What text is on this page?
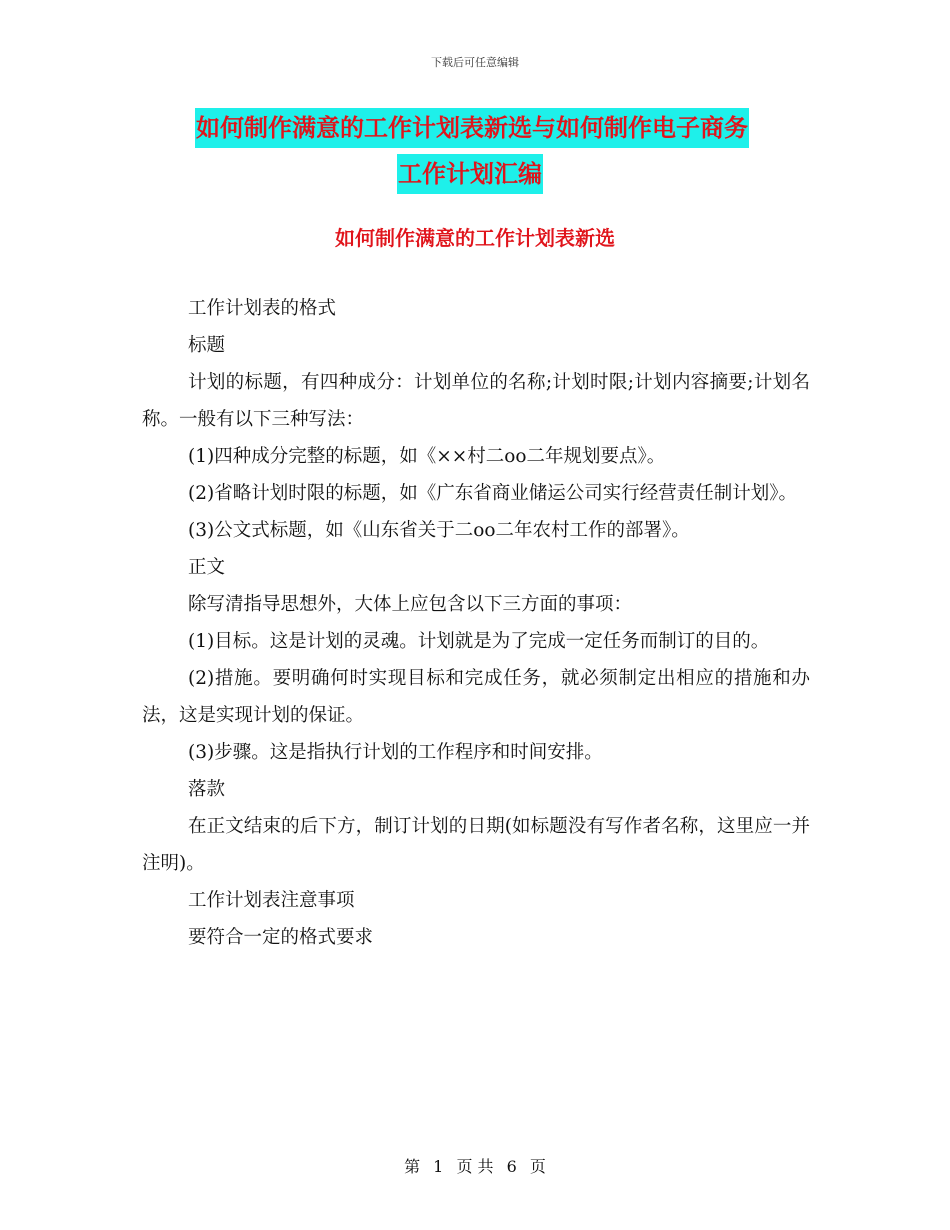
下载后可任意编辑
如何制作满意的工作计划表新选与如何制作电子商务
工作计划汇编
如何制作满意的工作计划表新选

工作计划表的格式

标题

计划的标题，有四种成分：计划单位的名称;计划时限;计划内容摘要;计划名称。一般有以下三种写法：

(1)四种成分完整的标题，如《××村二oo二年规划要点》。

(2)省略计划时限的标题，如《广东省商业储运公司实行经营责任制计划》。

(3)公文式标题，如《山东省关于二oo二年农村工作的部署》。

正文

除写清指导思想外，大体上应包含以下三方面的事项：

(1)目标。这是计划的灵魂。计划就是为了完成一定任务而制订的目的。

(2)措施。要明确何时实现目标和完成任务，就必须制定出相应的措施和办法，这是实现计划的保证。

(3)步骤。这是指执行计划的工作程序和时间安排。

落款

在正文结束的后下方，制订计划的日期(如标题没有写作者名称，这里应一并注明)。

工作计划表注意事项

要符合一定的格式要求

第 1 页 共 6 页
